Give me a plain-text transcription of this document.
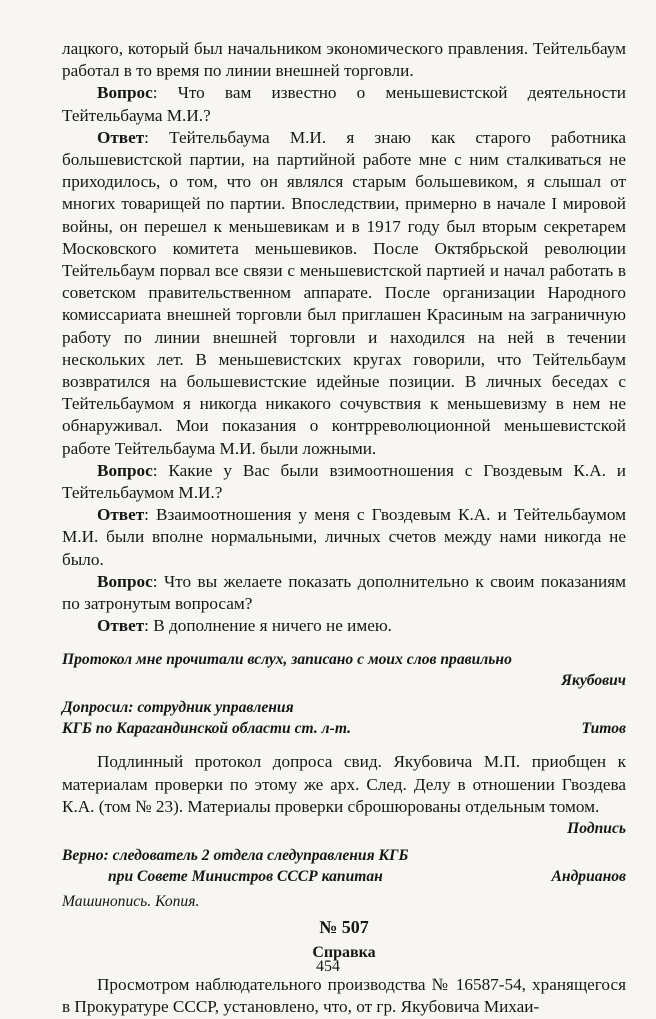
лацкого, который был начальником экономического правления. Тейтельбаум работал в то время по линии внешней торговли.

Вопрос: Что вам известно о меньшевистской деятельности Тейтельбаума М.И.?

Ответ: Тейтельбаума М.И. я знаю как старого работника большевистской партии, на партийной работе мне с ним сталкиваться не приходилось, о том, что он являлся старым большевиком, я слышал от многих товарищей по партии. Впоследствии, примерно в начале I мировой войны, он перешел к меньшевикам и в 1917 году был вторым секретарем Московского комитета меньшевиков. После Октябрьской революции Тейтельбаум порвал все связи с меньшевистской партией и начал работать в советском правительственном аппарате. После организации Народного комиссариата внешней торговли был приглашен Красиным на заграничную работу по линии внешней торговли и находился на ней в течении нескольких лет. В меньшевистских кругах говорили, что Тейтельбаум возвратился на большевистские идейные позиции. В личных беседах с Тейтельбаумом я никогда никакого сочувствия к меньшевизму в нем не обнаруживал. Мои показания о контрреволюционной меньшевистской работе Тейтельбаума М.И. были ложными.

Вопрос: Какие у Вас были взимоотношения с Гвоздевым К.А. и Тейтельбаумом М.И.?

Ответ: Взаимоотношения у меня с Гвоздевым К.А. и Тейтельбаумом М.И. были вполне нормальными, личных счетов между нами никогда не было.

Вопрос: Что вы желаете показать дополнительно к своим показаниям по затронутым вопросам?

Ответ: В дополнение я ничего не имею.

Протокол мне прочитали вслух, записано с моих слов правильно
Якубович
Допросил: сотрудник управления
КГБ по Карагандинской области ст. л-т.	Титов

Подлинный протокол допроса свид. Якубовича М.П. приобщен к материалам проверки по этому же арх. След. Делу в отношении Гвоздева К.А. (том № 23). Материалы проверки сброшюрованы отдельным томом.

Подпись
Верно: следователь 2 отдела следуправления КГБ
при Совете Министров СССР капитан	Андрианов
Машинопись. Копия.
№ 507
Справка

Просмотром наблюдательного производства № 16587-54, хранящегося в Прокуратуре СССР, установлено, что, от гр. Якубовича Михаи-

454
